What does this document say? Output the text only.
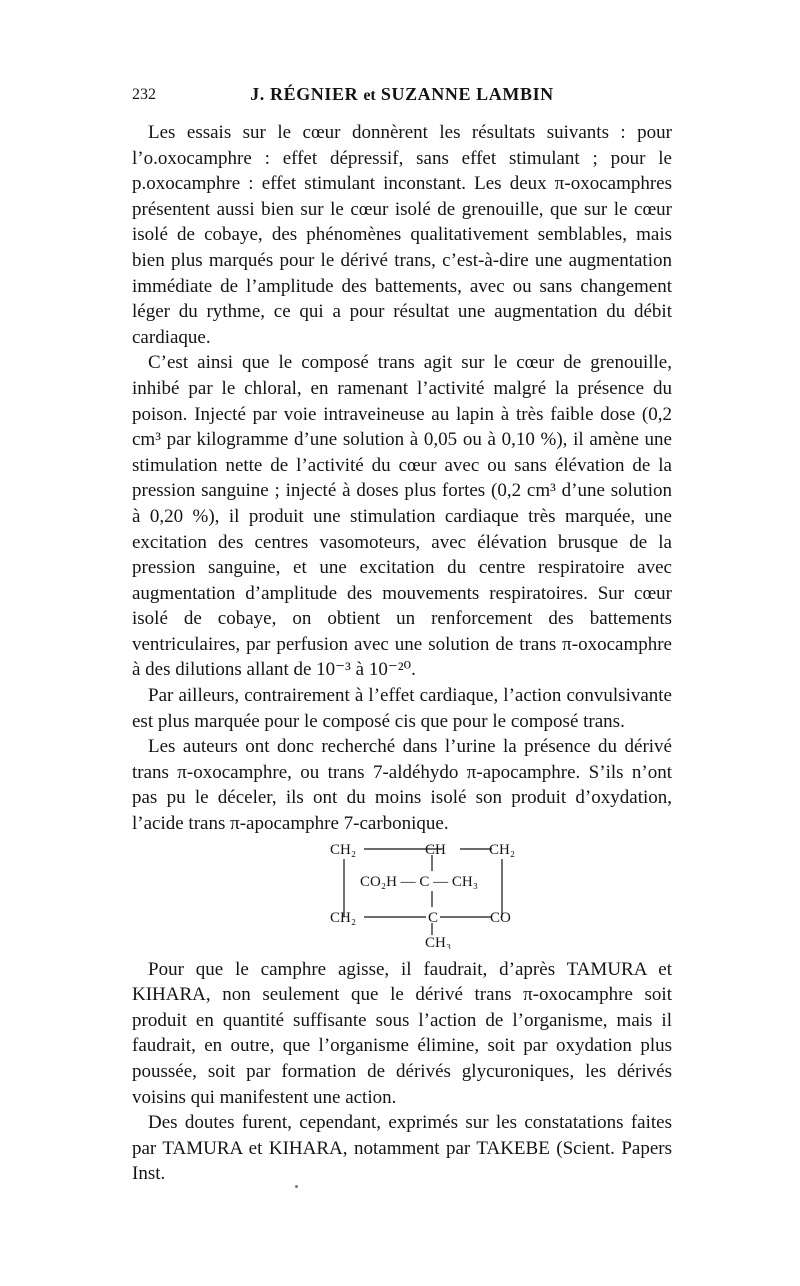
232	J. RÉGNIER et SUZANNE LAMBIN

Les essais sur le cœur donnèrent les résultats suivants : pour l’o.oxocamphre : effet dépressif, sans effet stimulant ; pour le p.oxocamphre : effet stimulant inconstant. Les deux π-oxocamphres présentent aussi bien sur le cœur isolé de grenouille, que sur le cœur isolé de cobaye, des phénomènes qualitativement semblables, mais bien plus marqués pour le dérivé trans, c’est-à-dire une augmentation immédiate de l’amplitude des battements, avec ou sans changement léger du rythme, ce qui a pour résultat une augmentation du débit cardiaque.

C’est ainsi que le composé trans agit sur le cœur de grenouille, inhibé par le chloral, en ramenant l’activité malgré la présence du poison. Injecté par voie intraveineuse au lapin à très faible dose (0,2 cm³ par kilogramme d’une solution à 0,05 ou à 0,10 %), il amène une stimulation nette de l’activité du cœur avec ou sans élévation de la pression sanguine ; injecté à doses plus fortes (0,2 cm³ d’une solution à 0,20 %), il produit une stimulation cardiaque très marquée, une excitation des centres vasomoteurs, avec élévation brusque de la pression sanguine, et une excitation du centre respiratoire avec augmentation d’amplitude des mouvements respiratoires. Sur cœur isolé de cobaye, on obtient un renforcement des battements ventriculaires, par perfusion avec une solution de trans π-oxocamphre à des dilutions allant de 10⁻³ à 10⁻²⁰.

Par ailleurs, contrairement à l’effet cardiaque, l’action convulsivante est plus marquée pour le composé cis que pour le composé trans.

Les auteurs ont donc recherché dans l’urine la présence du dérivé trans π-oxocamphre, ou trans 7-aldéhydo π-apocamphre. S’ils n’ont pas pu le déceler, ils ont du moins isolé son produit d’oxydation, l’acide trans π-apocamphre 7-carbonique.

CH₂	CH	CH₂
CO₂H — C — CH₃
CH₂	C	CO
CH₃

Pour que le camphre agisse, il faudrait, d’après TAMURA et KIHARA, non seulement que le dérivé trans π-oxocamphre soit produit en quantité suffisante sous l’action de l’organisme, mais il faudrait, en outre, que l’organisme élimine, soit par oxydation plus poussée, soit par formation de dérivés glycuroniques, les dérivés voisins qui manifestent une action.

Des doutes furent, cependant, exprimés sur les constatations faites par TAMURA et KIHARA, notamment par TAKEBE (Scient. Papers Inst.
